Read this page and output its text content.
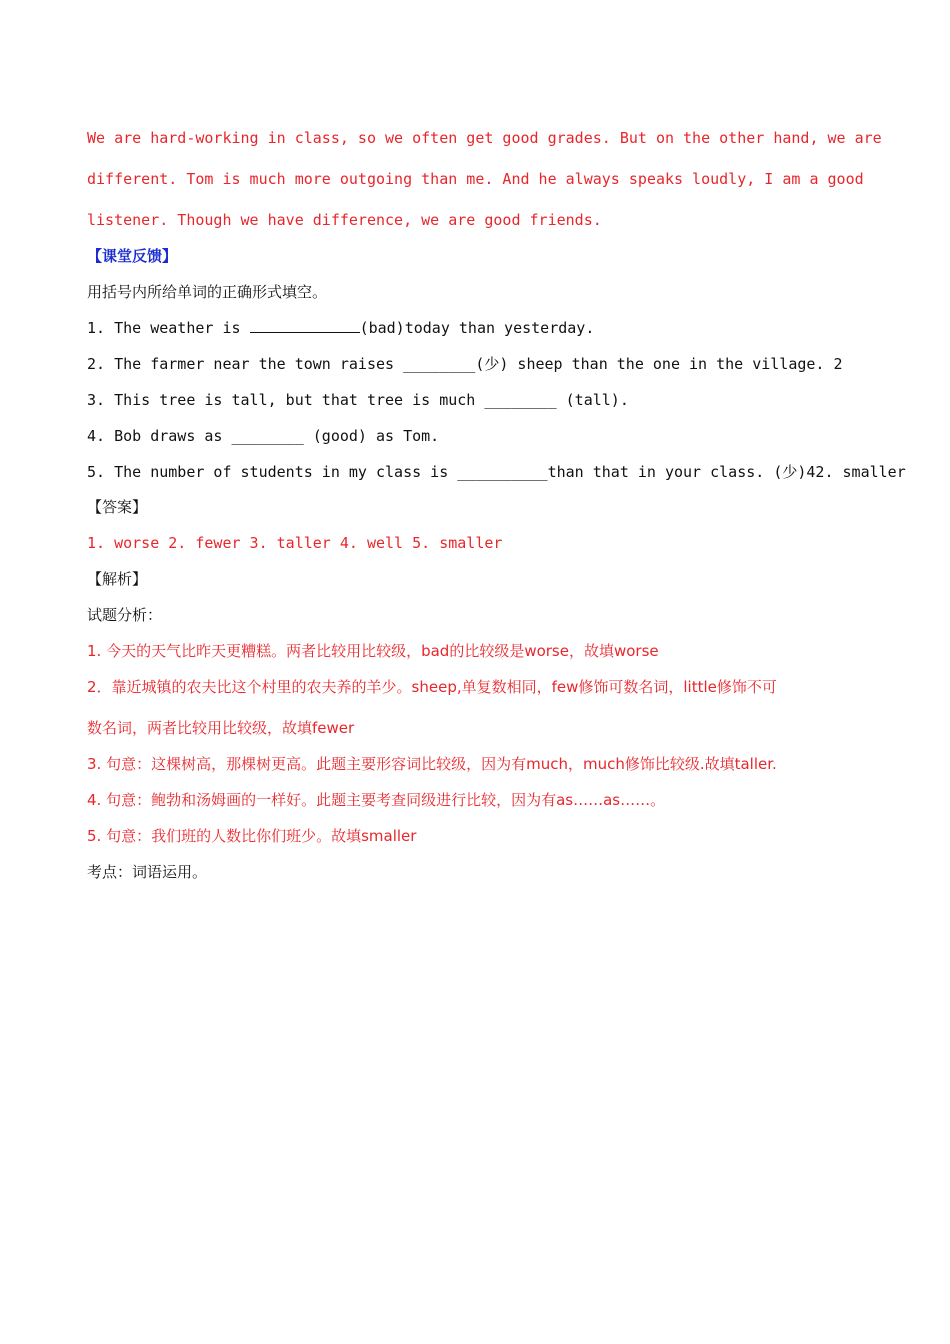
We are hard-working in class, so we often get good grades. But on the other hand, we are
different. Tom is much more outgoing than me. And he always speaks loudly, I am a good
listener. Though we have difference, we are good friends.
【课堂反馈】
用括号内所给单词的正确形式填空。
1. The weather is	(bad)today than yesterday.
2. The farmer near the town raises ________(少) sheep than the one in the village. 2
3. This tree is tall, but that tree is much ________ (tall).
4. Bob draws as ________ (good) as Tom.
5. The number of students in my class is __________than that in your class. (少)42. smaller
【答案】
1. worse 2. fewer 3. taller 4. well 5. smaller
【解析】
试题分析：
1. 今天的天气比昨天更糟糕。两者比较用比较级，bad的比较级是worse，故填worse
2．靠近城镇的农夫比这个村里的农夫养的羊少。sheep,单复数相同，few修饰可数名词，little修饰不可
数名词，两者比较用比较级，故填fewer
3. 句意：这棵树高，那棵树更高。此题主要形容词比较级，因为有much，much修饰比较级.故填taller.
4. 句意：鲍勃和汤姆画的一样好。此题主要考查同级进行比较，因为有as……as……。
5. 句意：我们班的人数比你们班少。故填smaller
考点：词语运用。
